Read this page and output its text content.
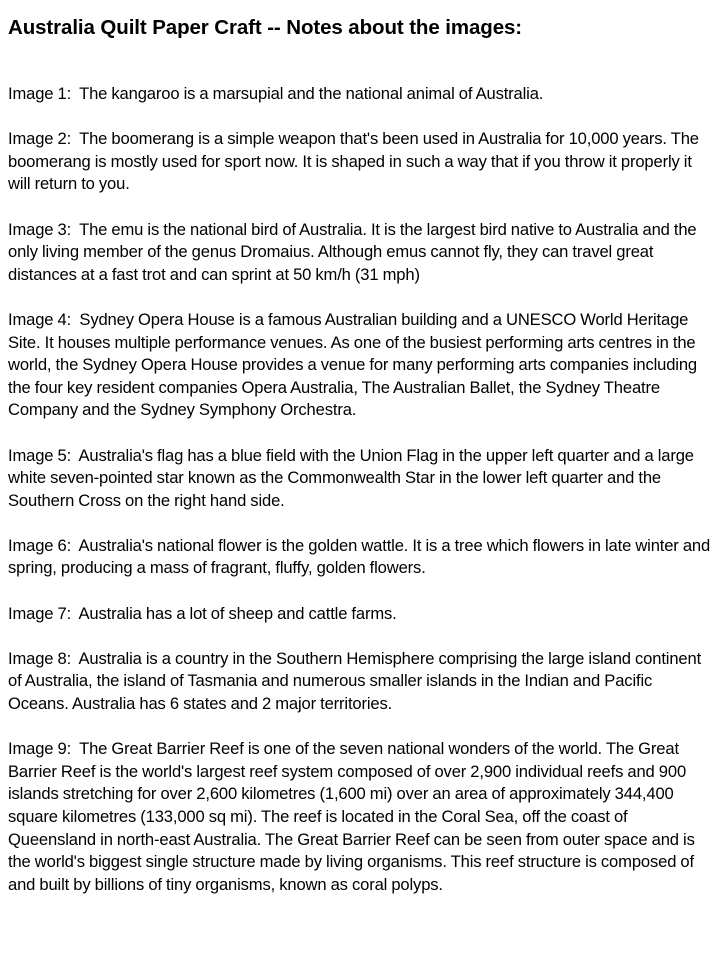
Australia Quilt Paper Craft -- Notes about the images:

Image 1: The kangaroo is a marsupial and the national animal of Australia.

Image 2: The boomerang is a simple weapon that's been used in Australia for 10,000 years. The boomerang is mostly used for sport now. It is shaped in such a way that if you throw it properly it will return to you.

Image 3: The emu is the national bird of Australia. It is the largest bird native to Australia and the only living member of the genus Dromaius. Although emus cannot fly, they can travel great distances at a fast trot and can sprint at 50 km/h (31 mph)

Image 4: Sydney Opera House is a famous Australian building and a UNESCO World Heritage Site. It houses multiple performance venues. As one of the busiest performing arts centres in the world, the Sydney Opera House provides a venue for many performing arts companies including the four key resident companies Opera Australia, The Australian Ballet, the Sydney Theatre Company and the Sydney Symphony Orchestra.

Image 5: Australia's flag has a blue field with the Union Flag in the upper left quarter and a large white seven-pointed star known as the Commonwealth Star in the lower left quarter and the Southern Cross on the right hand side.

Image 6: Australia's national flower is the golden wattle. It is a tree which flowers in late winter and spring, producing a mass of fragrant, fluffy, golden flowers.

Image 7: Australia has a lot of sheep and cattle farms.

Image 8: Australia is a country in the Southern Hemisphere comprising the large island continent of Australia, the island of Tasmania and numerous smaller islands in the Indian and Pacific Oceans. Australia has 6 states and 2 major territories.

Image 9: The Great Barrier Reef is one of the seven national wonders of the world. The Great Barrier Reef is the world's largest reef system composed of over 2,900 individual reefs and 900 islands stretching for over 2,600 kilometres (1,600 mi) over an area of approximately 344,400 square kilometres (133,000 sq mi). The reef is located in the Coral Sea, off the coast of Queensland in north-east Australia. The Great Barrier Reef can be seen from outer space and is the world's biggest single structure made by living organisms. This reef structure is composed of and built by billions of tiny organisms, known as coral polyps.
